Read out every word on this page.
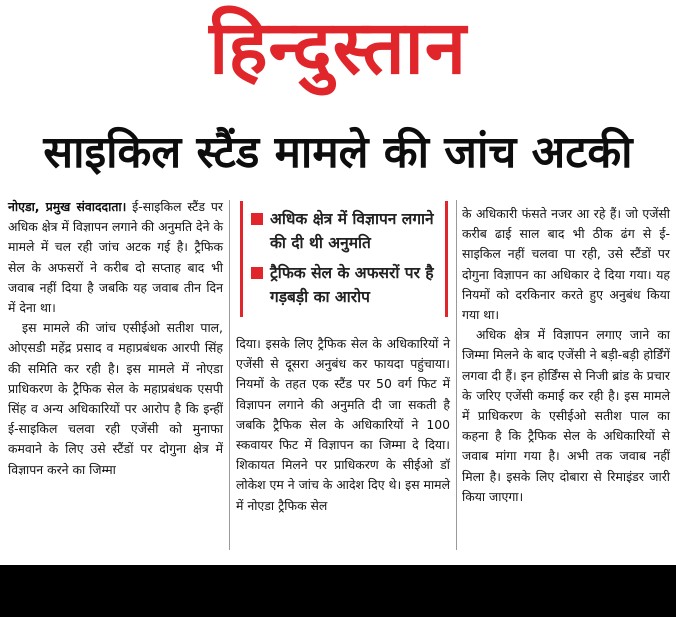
हिन्दुस्तान
साइकिल स्टैंड मामले की जांच अटकी

नोएडा, प्रमुख संवाददाता। ई-साइकिल स्टैंड पर अधिक क्षेत्र में विज्ञापन लगाने की अनुमति देने के मामले में चल रही जांच अटक गई है। ट्रैफिक सेल के अफसरों ने करीब दो सप्ताह बाद भी जवाब नहीं दिया है जबकि यह जवाब तीन दिन में देना था।

इस मामले की जांच एसीईओ सतीश पाल, ओएसडी महेंद्र प्रसाद व महाप्रबंधक आरपी सिंह की समिति कर रही है। इस मामले में नोएडा प्राधिकरण के ट्रैफिक सेल के महाप्रबंधक एसपी सिंह व अन्य अधिकारियों पर आरोप है कि इन्हीं ई-साइकिल चलवा रही एजेंसी को मुनाफा कमवाने के लिए उसे स्टैंडों पर दोगुना क्षेत्र में विज्ञापन करने का जिम्मा

अधिक क्षेत्र में विज्ञापन लगाने की दी थी अनुमति
ट्रैफिक सेल के अफसरों पर है गड़बड़ी का आरोप

दिया। इसके लिए ट्रैफिक सेल के अधिकारियों ने एजेंसी से दूसरा अनुबंध कर फायदा पहुंचाया। नियमों के तहत एक स्टैंड पर 50 वर्ग फिट में विज्ञापन लगाने की अनुमति दी जा सकती है जबकि ट्रैफिक सेल के अधिकारियों ने 100 स्कवायर फिट में विज्ञापन का जिम्मा दे दिया। शिकायत मिलने पर प्राधिकरण के सीईओ डॉ लोकेश एम ने जांच के आदेश दिए थे। इस मामले में नोएडा ट्रैफिक सेल

के अधिकारी फंसते नजर आ रहे हैं। जो एजेंसी करीब ढाई साल बाद भी ठीक ढंग से ई-साइकिल नहीं चलवा पा रही, उसे स्टैंडों पर दोगुना विज्ञापन का अधिकार दे दिया गया। यह नियमों को दरकिनार करते हुए अनुबंध किया गया था।

अधिक क्षेत्र में विज्ञापन लगाए जाने का जिम्मा मिलने के बाद एजेंसी ने बड़ी-बड़ी होर्डिंगें लगवा दी हैं। इन होर्डिंग्स से निजी ब्रांड के प्रचार के जरिए एजेंसी कमाई कर रही है। इस मामले में प्राधिकरण के एसीईओ सतीश पाल का कहना है कि ट्रैफिक सेल के अधिकारियों से जवाब मांगा गया है। अभी तक जवाब नहीं मिला है। इसके लिए दोबारा से रिमाइंडर जारी किया जाएगा।
